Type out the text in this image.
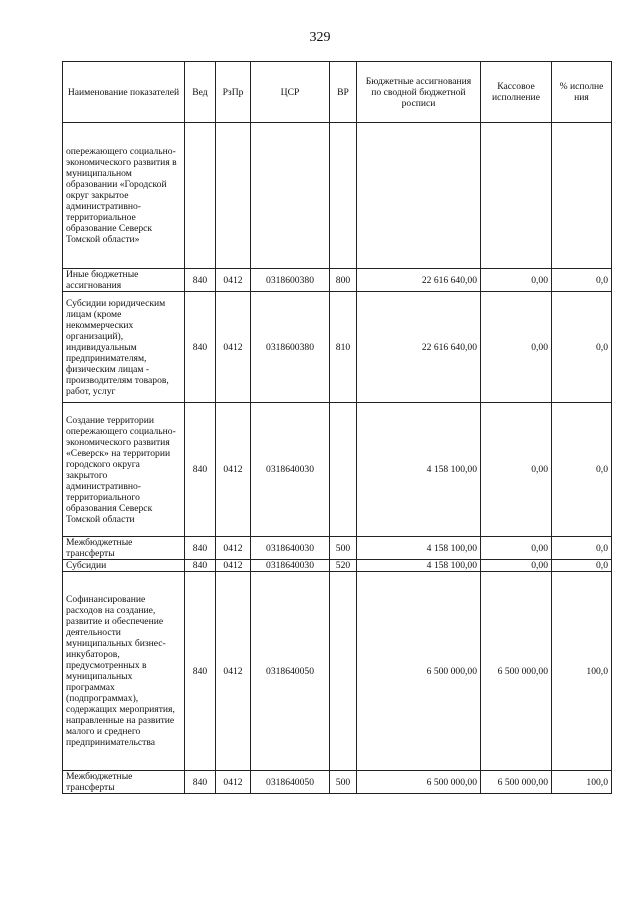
329
Наименование показателей	Вед	РзПр	ЦСР	ВР	Бюджетные ассигнования по сводной бюджетной росписи	Кассовое исполнение	% исполне ния
опережающего социально-экономического развития в муниципальном образовании «Городской округ закрытое административно-территориальное образование Северск Томской области»							
Иные бюджетные ассигнования	840	0412	0318600380	800	22 616 640,00	0,00	0,0
Субсидии юридическим лицам (кроме некоммерческих организаций), индивидуальным предпринимателям, физическим лицам - производителям товаров, работ, услуг	840	0412	0318600380	810	22 616 640,00	0,00	0,0
Создание территории опережающего социально-экономического развития «Северск» на территории городского округа закрытого административно-территориального образования Северск Томской области	840	0412	0318640030		4 158 100,00	0,00	0,0
Межбюджетные трансферты	840	0412	0318640030	500	4 158 100,00	0,00	0,0
Субсидии	840	0412	0318640030	520	4 158 100,00	0,00	0,0
Софинансирование расходов на создание, развитие и обеспечение деятельности муниципальных бизнес-инкубаторов, предусмотренных в муниципальных программах (подпрограммах), содержащих мероприятия, направленные на развитие малого и среднего предпринимательства	840	0412	0318640050		6 500 000,00	6 500 000,00	100,0
Межбюджетные трансферты	840	0412	0318640050	500	6 500 000,00	6 500 000,00	100,0
